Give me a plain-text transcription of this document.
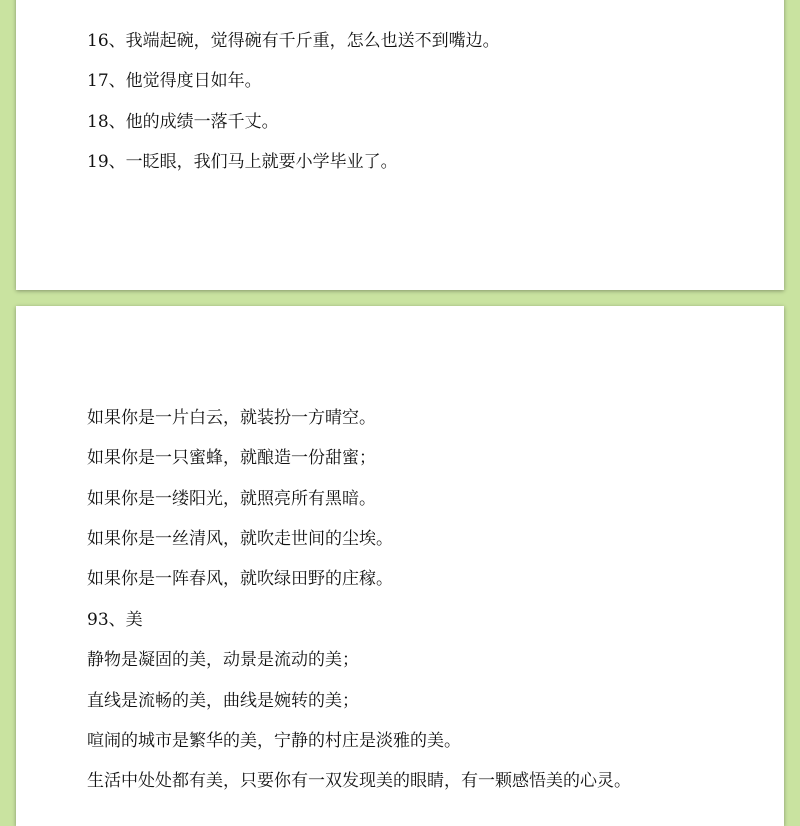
16、我端起碗，觉得碗有千斤重，怎么也送不到嘴边。

17、他觉得度日如年。

18、他的成绩一落千丈。

19、一眨眼，我们马上就要小学毕业了。

如果你是一片白云，就装扮一方晴空。

如果你是一只蜜蜂，就酿造一份甜蜜；

如果你是一缕阳光，就照亮所有黑暗。

如果你是一丝清风，就吹走世间的尘埃。

如果你是一阵春风，就吹绿田野的庄稼。

93、美

静物是凝固的美，动景是流动的美；

直线是流畅的美，曲线是婉转的美；

喧闹的城市是繁华的美，宁静的村庄是淡雅的美。

生活中处处都有美，只要你有一双发现美的眼睛，有一颗感悟美的心灵。
